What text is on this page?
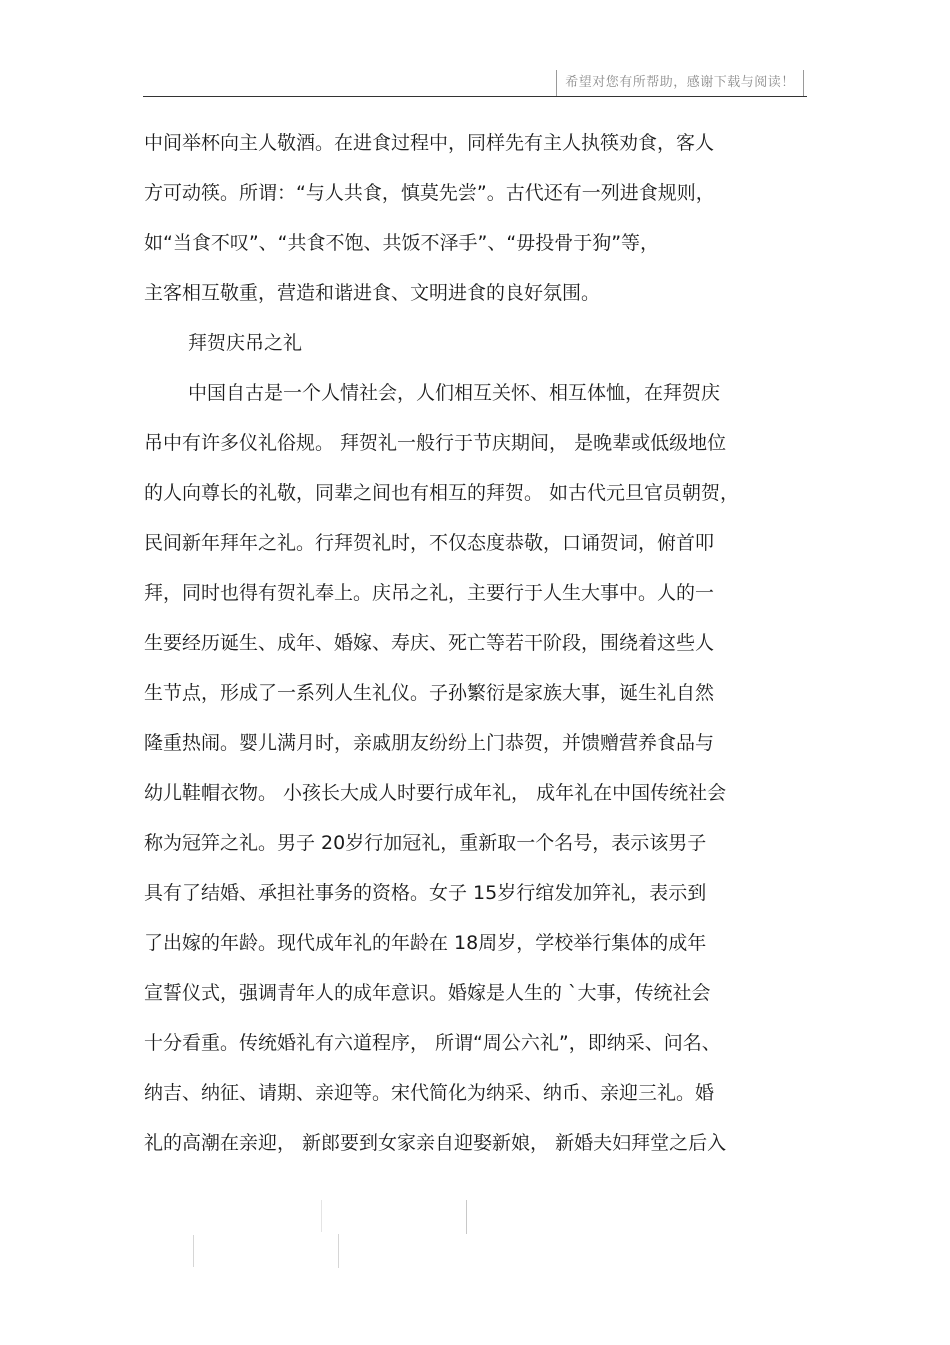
希望对您有所帮助，感谢下载与阅读！
中间举杯向主人敬酒。在进食过程中，同样先有主人执筷劝食，客人
方可动筷。所谓：“与人共食，慎莫先尝”。古代还有一列进食规则，
如“当食不叹”、“共食不饱、共饭不泽手”、“毋投骨于狗”等，
主客相互敬重，营造和谐进食、文明进食的良好氛围。
拜贺庆吊之礼
中国自古是一个人情社会，人们相互关怀、相互体恤，在拜贺庆
吊中有许多仪礼俗规。 拜贺礼一般行于节庆期间， 是晚辈或低级地位
的人向尊长的礼敬，同辈之间也有相互的拜贺。 如古代元旦官员朝贺，
民间新年拜年之礼。行拜贺礼时，不仅态度恭敬，口诵贺词，俯首叩
拜，同时也得有贺礼奉上。庆吊之礼，主要行于人生大事中。人的一
生要经历诞生、成年、婚嫁、寿庆、死亡等若干阶段，围绕着这些人
生节点，形成了一系列人生礼仪。子孙繁衍是家族大事，诞生礼自然
隆重热闹。婴儿满月时，亲戚朋友纷纷上门恭贺，并馈赠营养食品与
幼儿鞋帽衣物。 小孩长大成人时要行成年礼， 成年礼在中国传统社会
称为冠笄之礼。男子 20岁行加冠礼，重新取一个名号，表示该男子
具有了结婚、承担社事务的资格。女子 15岁行绾发加笄礼，表示到
了出嫁的年龄。现代成年礼的年龄在 18周岁，学校举行集体的成年
宣誓仪式，强调青年人的成年意识。婚嫁是人生的 `大事，传统社会
十分看重。传统婚礼有六道程序， 所谓“周公六礼”，即纳采、问名、
纳吉、纳征、请期、亲迎等。宋代简化为纳采、纳币、亲迎三礼。婚
礼的高潮在亲迎， 新郎要到女家亲自迎娶新娘， 新婚夫妇拜堂之后入
